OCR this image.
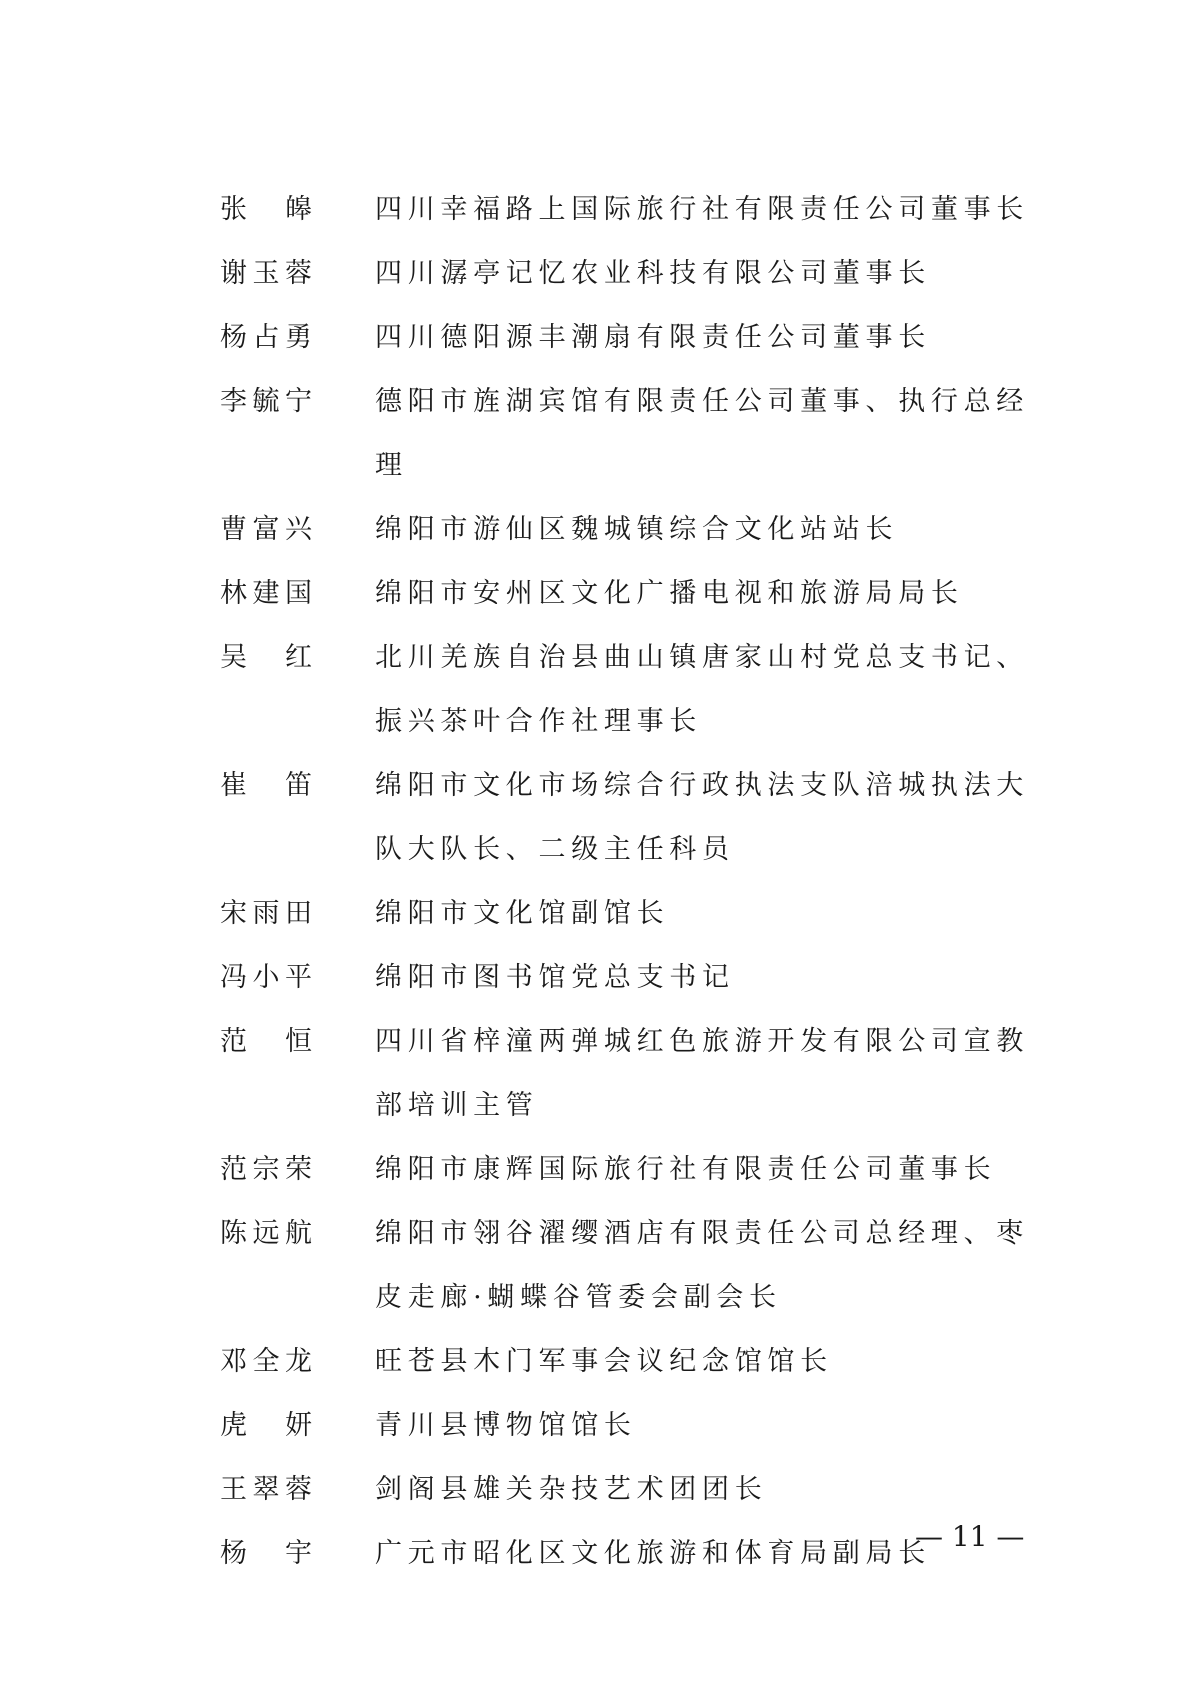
张 皞 四川幸福路上国际旅行社有限责任公司董事长
谢 玉 蓉 四川潺亭记忆农业科技有限公司董事长
杨 占 勇 四川德阳源丰潮扇有限责任公司董事长
李 毓 宁 德阳市旌湖宾馆有限责任公司董事、执行总经理
曹 富 兴 绵阳市游仙区魏城镇综合文化站站长
林 建 国 绵阳市安州区文化广播电视和旅游局局长
吴 红 北川羌族自治县曲山镇唐家山村党总支书记、振兴茶叶合作社理事长
崔 笛 绵阳市文化市场综合行政执法支队涪城执法大队大队长、二级主任科员
宋 雨 田 绵阳市文化馆副馆长
冯 小 平 绵阳市图书馆党总支书记
范 恒 四川省梓潼两弹城红色旅游开发有限公司宣教部培训主管
范 宗 荣 绵阳市康辉国际旅行社有限责任公司董事长
陈 远 航 绵阳市翎谷濯缨酒店有限责任公司总经理、枣皮走廊·蝴蝶谷管委会副会长
邓 全 龙 旺苍县木门军事会议纪念馆馆长
虎 妍 青川县博物馆馆长
王 翠 蓉 剑阁县雄关杂技艺术团团长
杨 宇 广元市昭化区文化旅游和体育局副局长
— 11 —
